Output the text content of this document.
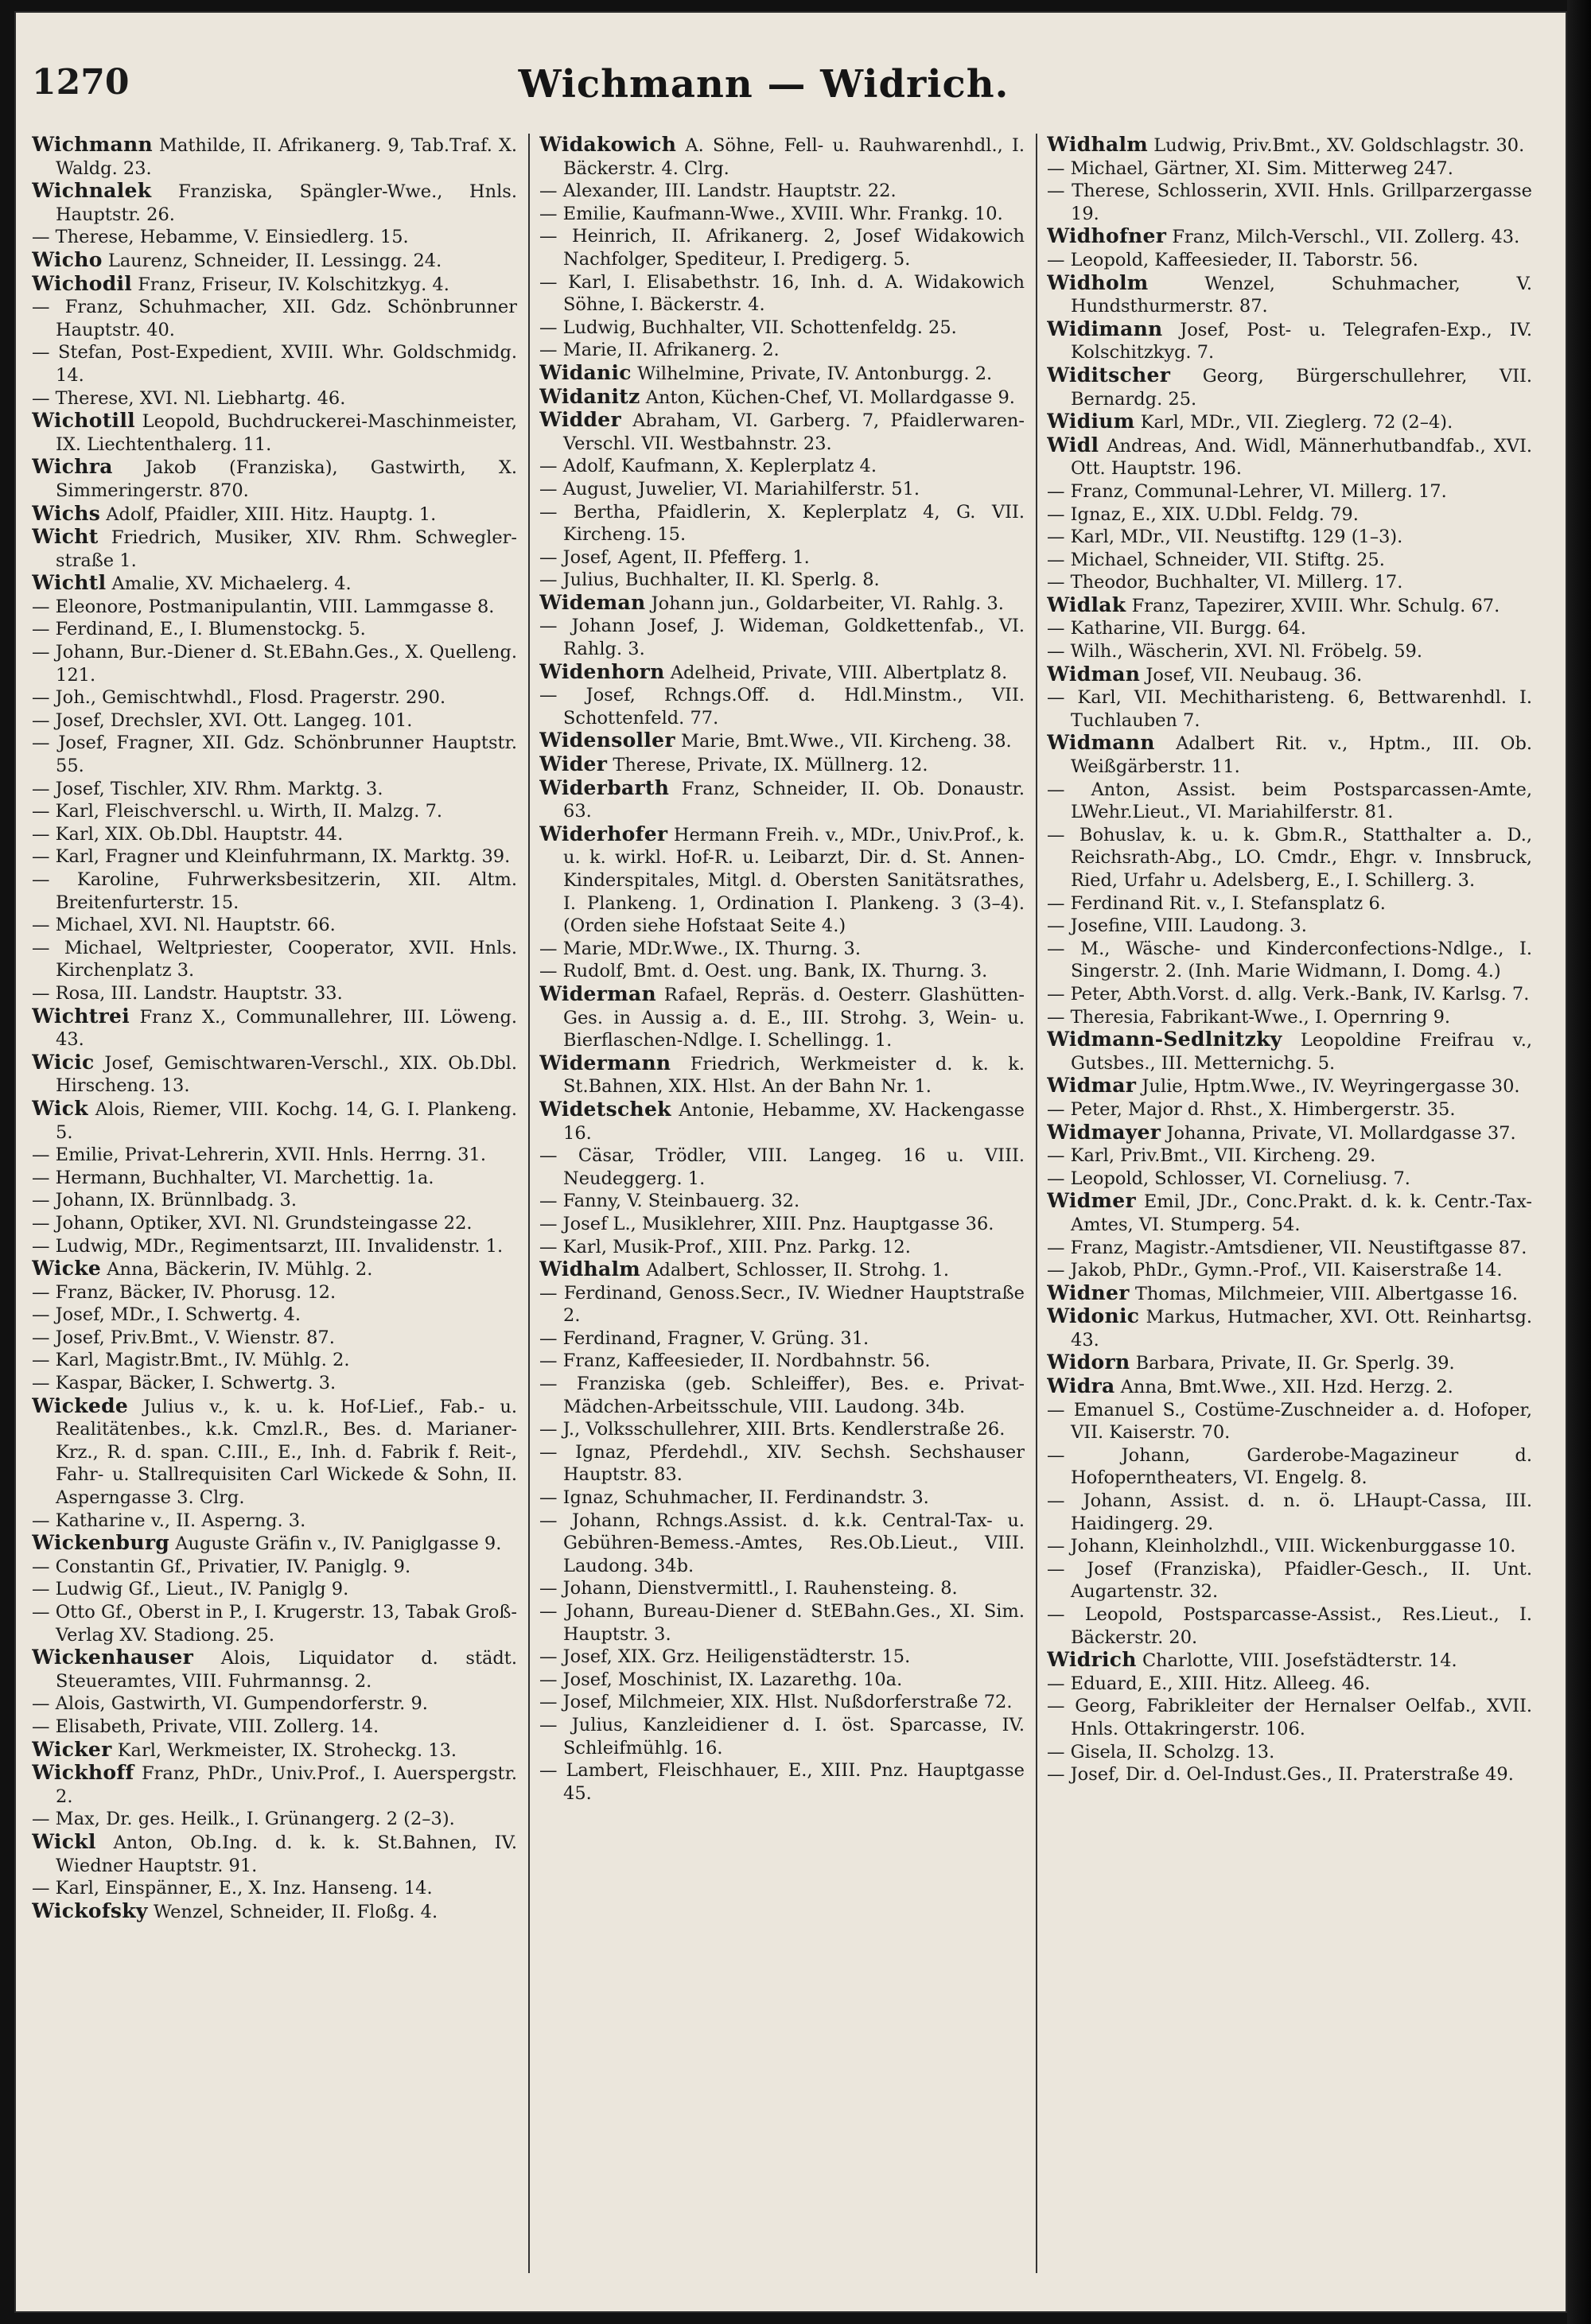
1270	Wichmann — Widrich.

Wichmann Mathilde, II. Afrikanerg. 9, Tab.Traf. X. Waldg. 23.

Wichnalek Franziska, Spängler-Wwe., Hnls. Hauptstr. 26.

— Therese, Hebamme, V. Einsiedlerg. 15.

Wicho Laurenz, Schneider, II. Lessingg. 24.

Wichodil Franz, Friseur, IV. Kolschitzkyg. 4.

— Franz, Schuhmacher, XII. Gdz. Schönbrunner Hauptstr. 40.

— Stefan, Post-Expedient, XVIII. Whr. Goldschmidg. 14.

— Therese, XVI. Nl. Liebhartg. 46.

Wichotill Leopold, Buchdruckerei-Maschinmeister, IX. Liechtenthalerg. 11.

Wichra Jakob (Franziska), Gastwirth, X. Simmeringerstr. 870.

Wichs Adolf, Pfaidler, XIII. Hitz. Hauptg. 1.

Wicht Friedrich, Musiker, XIV. Rhm. Schweglerstraße 1.

Wichtl Amalie, XV. Michaelerg. 4.

— Eleonore, Postmanipulantin, VIII. Lammgasse 8.

— Ferdinand, E., I. Blumenstockg. 5.

— Johann, Bur.-Diener d. St.EBahn.Ges., X. Quelleng. 121.

— Joh., Gemischtwhdl., Flosd. Pragerstr. 290.

— Josef, Drechsler, XVI. Ott. Langeg. 101.

— Josef, Fragner, XII. Gdz. Schönbrunner Hauptstr. 55.

— Josef, Tischler, XIV. Rhm. Marktg. 3.

— Karl, Fleischverschl. u. Wirth, II. Malzg. 7.

— Karl, XIX. Ob.Dbl. Hauptstr. 44.

— Karl, Fragner und Kleinfuhrmann, IX. Marktg. 39.

— Karoline, Fuhrwerksbesitzerin, XII. Altm. Breitenfurterstr. 15.

— Michael, XVI. Nl. Hauptstr. 66.

— Michael, Weltpriester, Cooperator, XVII. Hnls. Kirchenplatz 3.

— Rosa, III. Landstr. Hauptstr. 33.

Wichtrei Franz X., Communallehrer, III. Löweng. 43.

Wicic Josef, Gemischtwaren-Verschl., XIX. Ob.Dbl. Hirscheng. 13.

Wick Alois, Riemer, VIII. Kochg. 14, G. I. Plankeng. 5.

— Emilie, Privat-Lehrerin, XVII. Hnls. Herrng. 31.

— Hermann, Buchhalter, VI. Marchettig. 1a.

— Johann, IX. Brünnlbadg. 3.

— Johann, Optiker, XVI. Nl. Grundsteingasse 22.

— Ludwig, MDr., Regimentsarzt, III. Invalidenstr. 1.

Wicke Anna, Bäckerin, IV. Mühlg. 2.

— Franz, Bäcker, IV. Phorusg. 12.

— Josef, MDr., I. Schwertg. 4.

— Josef, Priv.Bmt., V. Wienstr. 87.

— Karl, Magistr.Bmt., IV. Mühlg. 2.

— Kaspar, Bäcker, I. Schwertg. 3.

Wickede Julius v., k. u. k. Hof-Lief., Fab.- u. Realitätenbes., k.k. Cmzl.R., Bes. d. Marianer-Krz., R. d. span. C.III., E., Inh. d. Fabrik f. Reit-, Fahr- u. Stallrequisiten Carl Wickede & Sohn, II. Asperngasse 3. Clrg.

— Katharine v., II. Asperng. 3.

Wickenburg Auguste Gräfin v., IV. Paniglgasse 9.

— Constantin Gf., Privatier, IV. Paniglg. 9.

— Ludwig Gf., Lieut., IV. Paniglg 9.

— Otto Gf., Oberst in P., I. Krugerstr. 13, Tabak Groß-Verlag XV. Stadiong. 25.

Wickenhauser Alois, Liquidator d. städt. Steueramtes, VIII. Fuhrmannsg. 2.

— Alois, Gastwirth, VI. Gumpendorferstr. 9.

— Elisabeth, Private, VIII. Zollerg. 14.

Wicker Karl, Werkmeister, IX. Stroheckg. 13.

Wickhoff Franz, PhDr., Univ.Prof., I. Auerspergstr. 2.

— Max, Dr. ges. Heilk., I. Grünangerg. 2 (2–3).

Wickl Anton, Ob.Ing. d. k. k. St.Bahnen, IV. Wiedner Hauptstr. 91.

— Karl, Einspänner, E., X. Inz. Hanseng. 14.

Wickofsky Wenzel, Schneider, II. Floßg. 4.

Widakowich A. Söhne, Fell- u. Rauhwarenhdl., I. Bäckerstr. 4. Clrg.

— Alexander, III. Landstr. Hauptstr. 22.

— Emilie, Kaufmann-Wwe., XVIII. Whr. Frankg. 10.

— Heinrich, II. Afrikanerg. 2, Josef Widakowich Nachfolger, Spediteur, I. Predigerg. 5.

— Karl, I. Elisabethstr. 16, Inh. d. A. Widakowich Söhne, I. Bäckerstr. 4.

— Ludwig, Buchhalter, VII. Schottenfeldg. 25.

— Marie, II. Afrikanerg. 2.

Widanic Wilhelmine, Private, IV. Antonburgg. 2.

Widanitz Anton, Küchen-Chef, VI. Mollardgasse 9.

Widder Abraham, VI. Garberg. 7, Pfaidlerwaren-Verschl. VII. Westbahnstr. 23.

— Adolf, Kaufmann, X. Keplerplatz 4.

— August, Juwelier, VI. Mariahilferstr. 51.

— Bertha, Pfaidlerin, X. Keplerplatz 4, G. VII. Kircheng. 15.

— Josef, Agent, II. Pfefferg. 1.

— Julius, Buchhalter, II. Kl. Sperlg. 8.

Wideman Johann jun., Goldarbeiter, VI. Rahlg. 3.

— Johann Josef, J. Wideman, Goldkettenfab., VI. Rahlg. 3.

Widenhorn Adelheid, Private, VIII. Albertplatz 8.

— Josef, Rchngs.Off. d. Hdl.Minstm., VII. Schottenfeld. 77.

Widensoller Marie, Bmt.Wwe., VII. Kircheng. 38.

Wider Therese, Private, IX. Müllnerg. 12.

Widerbarth Franz, Schneider, II. Ob. Donaustr. 63.

Widerhofer Hermann Freih. v., MDr., Univ.Prof., k. u. k. wirkl. Hof-R. u. Leibarzt, Dir. d. St. Annen-Kinderspitales, Mitgl. d. Obersten Sanitätsrathes, I. Plankeng. 1, Ordination I. Plankeng. 3 (3–4). (Orden siehe Hofstaat Seite 4.)

— Marie, MDr.Wwe., IX. Thurng. 3.

— Rudolf, Bmt. d. Oest. ung. Bank, IX. Thurng. 3.

Widerman Rafael, Repräs. d. Oesterr. Glashütten-Ges. in Aussig a. d. E., III. Strohg. 3, Wein- u. Bierflaschen-Ndlge. I. Schellingg. 1.

Widermann Friedrich, Werkmeister d. k. k. St.Bahnen, XIX. Hlst. An der Bahn Nr. 1.

Widetschek Antonie, Hebamme, XV. Hackengasse 16.

— Cäsar, Trödler, VIII. Langeg. 16 u. VIII. Neudeggerg. 1.

— Fanny, V. Steinbauerg. 32.

— Josef L., Musiklehrer, XIII. Pnz. Hauptgasse 36.

— Karl, Musik-Prof., XIII. Pnz. Parkg. 12.

Widhalm Adalbert, Schlosser, II. Strohg. 1.

— Ferdinand, Genoss.Secr., IV. Wiedner Hauptstraße 2.

— Ferdinand, Fragner, V. Grüng. 31.

— Franz, Kaffeesieder, II. Nordbahnstr. 56.

— Franziska (geb. Schleiffer), Bes. e. Privat-Mädchen-Arbeitsschule, VIII. Laudong. 34b.

— J., Volksschullehrer, XIII. Brts. Kendlerstraße 26.

— Ignaz, Pferdehdl., XIV. Sechsh. Sechshauser Hauptstr. 83.

— Ignaz, Schuhmacher, II. Ferdinandstr. 3.

— Johann, Rchngs.Assist. d. k.k. Central-Tax- u. Gebühren-Bemess.-Amtes, Res.Ob.Lieut., VIII. Laudong. 34b.

— Johann, Dienstvermittl., I. Rauhensteing. 8.

— Johann, Bureau-Diener d. StEBahn.Ges., XI. Sim. Hauptstr. 3.

— Josef, XIX. Grz. Heiligenstädterstr. 15.

— Josef, Moschinist, IX. Lazarethg. 10a.

— Josef, Milchmeier, XIX. Hlst. Nußdorferstraße 72.

— Julius, Kanzleidiener d. I. öst. Sparcasse, IV. Schleifmühlg. 16.

— Lambert, Fleischhauer, E., XIII. Pnz. Hauptgasse 45.

Widhalm Ludwig, Priv.Bmt., XV. Goldschlagstr. 30.

— Michael, Gärtner, XI. Sim. Mitterweg 247.

— Therese, Schlosserin, XVII. Hnls. Grillparzergasse 19.

Widhofner Franz, Milch-Verschl., VII. Zollerg. 43.

— Leopold, Kaffeesieder, II. Taborstr. 56.

Widholm	Wenzel, Schuhmacher, V. Hundsthurmerstr. 87.

Widimann Josef, Post- u. Telegrafen-Exp., IV. Kolschitzkyg. 7.

Widitscher Georg, Bürgerschullehrer, VII. Bernardg. 25.

Widium Karl, MDr., VII. Zieglerg. 72 (2–4).

Widl Andreas, And. Widl, Männerhutbandfab., XVI. Ott. Hauptstr. 196.

— Franz, Communal-Lehrer, VI. Millerg. 17.

— Ignaz, E., XIX. U.Dbl. Feldg. 79.

— Karl, MDr., VII. Neustiftg. 129 (1–3).

— Michael, Schneider, VII. Stiftg. 25.

— Theodor, Buchhalter, VI. Millerg. 17.

Widlak Franz, Tapezirer, XVIII. Whr. Schulg. 67.

— Katharine, VII. Burgg. 64.

— Wilh., Wäscherin, XVI. Nl. Fröbelg. 59.

Widman Josef, VII. Neubaug. 36.

— Karl, VII. Mechitharisteng. 6, Bettwarenhdl. I. Tuchlauben 7.

Widmann Adalbert Rit. v., Hptm., III. Ob. Weißgärberstr. 11.

— Anton, Assist. beim Postsparcassen-Amte, LWehr.Lieut., VI. Mariahilferstr. 81.

— Bohuslav, k. u. k. Gbm.R., Statthalter a. D., Reichsrath-Abg., LO. Cmdr., Ehgr. v. Innsbruck, Ried, Urfahr u. Adelsberg, E., I. Schillerg. 3.

— Ferdinand Rit. v., I. Stefansplatz 6.

— Josefine, VIII. Laudong. 3.

— M., Wäsche- und Kinderconfections-Ndlge., I. Singerstr. 2. (Inh. Marie Widmann, I. Domg. 4.)

— Peter, Abth.Vorst. d. allg. Verk.-Bank, IV. Karlsg. 7.

— Theresia, Fabrikant-Wwe., I. Opernring 9.

Widmann-Sedlnitzky Leopoldine Freifrau v., Gutsbes., III. Metternichg. 5.

Widmar Julie, Hptm.Wwe., IV. Weyringergasse 30.

— Peter, Major d. Rhst., X. Himbergerstr. 35.

Widmayer Johanna, Private, VI. Mollardgasse 37.

— Karl, Priv.Bmt., VII. Kircheng. 29.

— Leopold, Schlosser, VI. Corneliusg. 7.

Widmer Emil, JDr., Conc.Prakt. d. k. k. Centr.-Tax-Amtes, VI. Stumperg. 54.

— Franz, Magistr.-Amtsdiener, VII. Neustiftgasse 87.

— Jakob, PhDr., Gymn.-Prof., VII. Kaiserstraße 14.

Widner Thomas, Milchmeier, VIII. Albertgasse 16.

Widonic Markus, Hutmacher, XVI. Ott. Reinhartsg. 43.

Widorn Barbara, Private, II. Gr. Sperlg. 39.

Widra Anna, Bmt.Wwe., XII. Hzd. Herzg. 2.

— Emanuel S., Costüme-Zuschneider a. d. Hofoper, VII. Kaiserstr. 70.

— Johann, Garderobe-Magazineur d. Hofoperntheaters, VI. Engelg. 8.

— Johann, Assist. d. n. ö. LHaupt-Cassa, III. Haidingerg. 29.

— Johann, Kleinholzhdl., VIII. Wickenburggasse 10.

— Josef (Franziska), Pfaidler-Gesch., II. Unt. Augartenstr. 32.

— Leopold, Postsparcasse-Assist., Res.Lieut., I. Bäckerstr. 20.

Widrich Charlotte, VIII. Josefstädterstr. 14.

— Eduard, E., XIII. Hitz. Alleeg. 46.

— Georg, Fabrikleiter der Hernalser Oelfab., XVII. Hnls. Ottakringerstr. 106.

— Gisela, II. Scholzg. 13.

— Josef, Dir. d. Oel-Indust.Ges., II. Praterstraße 49.
